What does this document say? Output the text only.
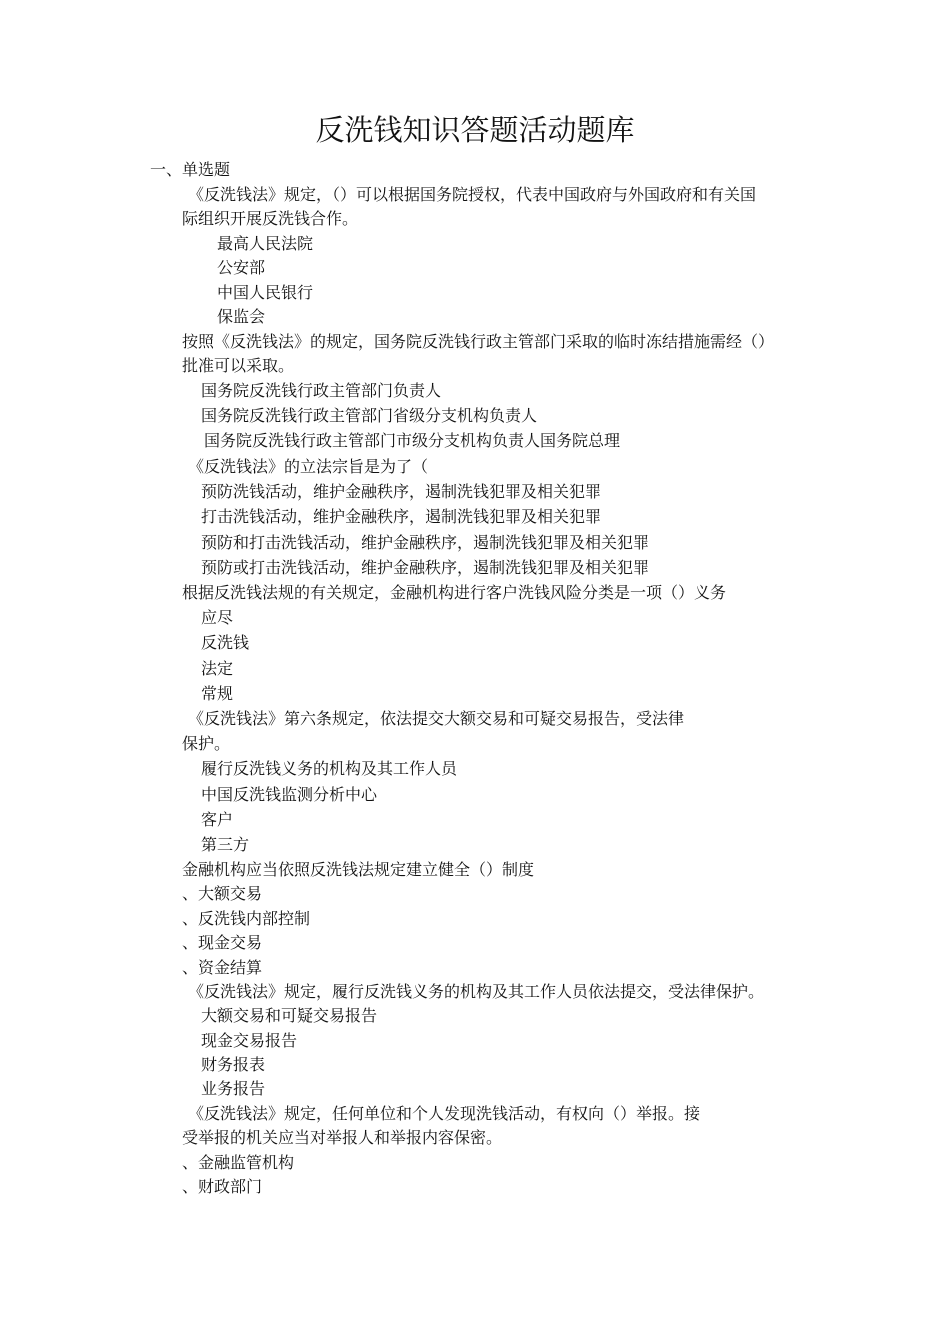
反洗钱知识答题活动题库
一、单选题
《反洗钱法》规定，（）可以根据国务院授权，代表中国政府与外国政府和有关国
际组织开展反洗钱合作。
最高人民法院
公安部
中国人民银行
保监会
按照《反洗钱法》的规定，国务院反洗钱行政主管部门采取的临时冻结措施需经（）
批准可以采取。
国务院反洗钱行政主管部门负责人
国务院反洗钱行政主管部门省级分支机构负责人
国务院反洗钱行政主管部门市级分支机构负责人国务院总理
《反洗钱法》的立法宗旨是为了（
预防洗钱活动，维护金融秩序，遏制洗钱犯罪及相关犯罪
打击洗钱活动，维护金融秩序，遏制洗钱犯罪及相关犯罪
预防和打击洗钱活动，维护金融秩序，遏制洗钱犯罪及相关犯罪
预防或打击洗钱活动，维护金融秩序，遏制洗钱犯罪及相关犯罪
根据反洗钱法规的有关规定，金融机构进行客户洗钱风险分类是一项（）义务
应尽
反洗钱
法定
常规
《反洗钱法》第六条规定，依法提交大额交易和可疑交易报告，受法律
保护。
履行反洗钱义务的机构及其工作人员
中国反洗钱监测分析中心
客户
第三方
金融机构应当依照反洗钱法规定建立健全（）制度
、大额交易
、反洗钱内部控制
、现金交易
、资金结算
《反洗钱法》规定，履行反洗钱义务的机构及其工作人员依法提交，受法律保护。
大额交易和可疑交易报告
现金交易报告
财务报表
业务报告
《反洗钱法》规定，任何单位和个人发现洗钱活动，有权向（）举报。接
受举报的机关应当对举报人和举报内容保密。
、金融监管机构
、财政部门
